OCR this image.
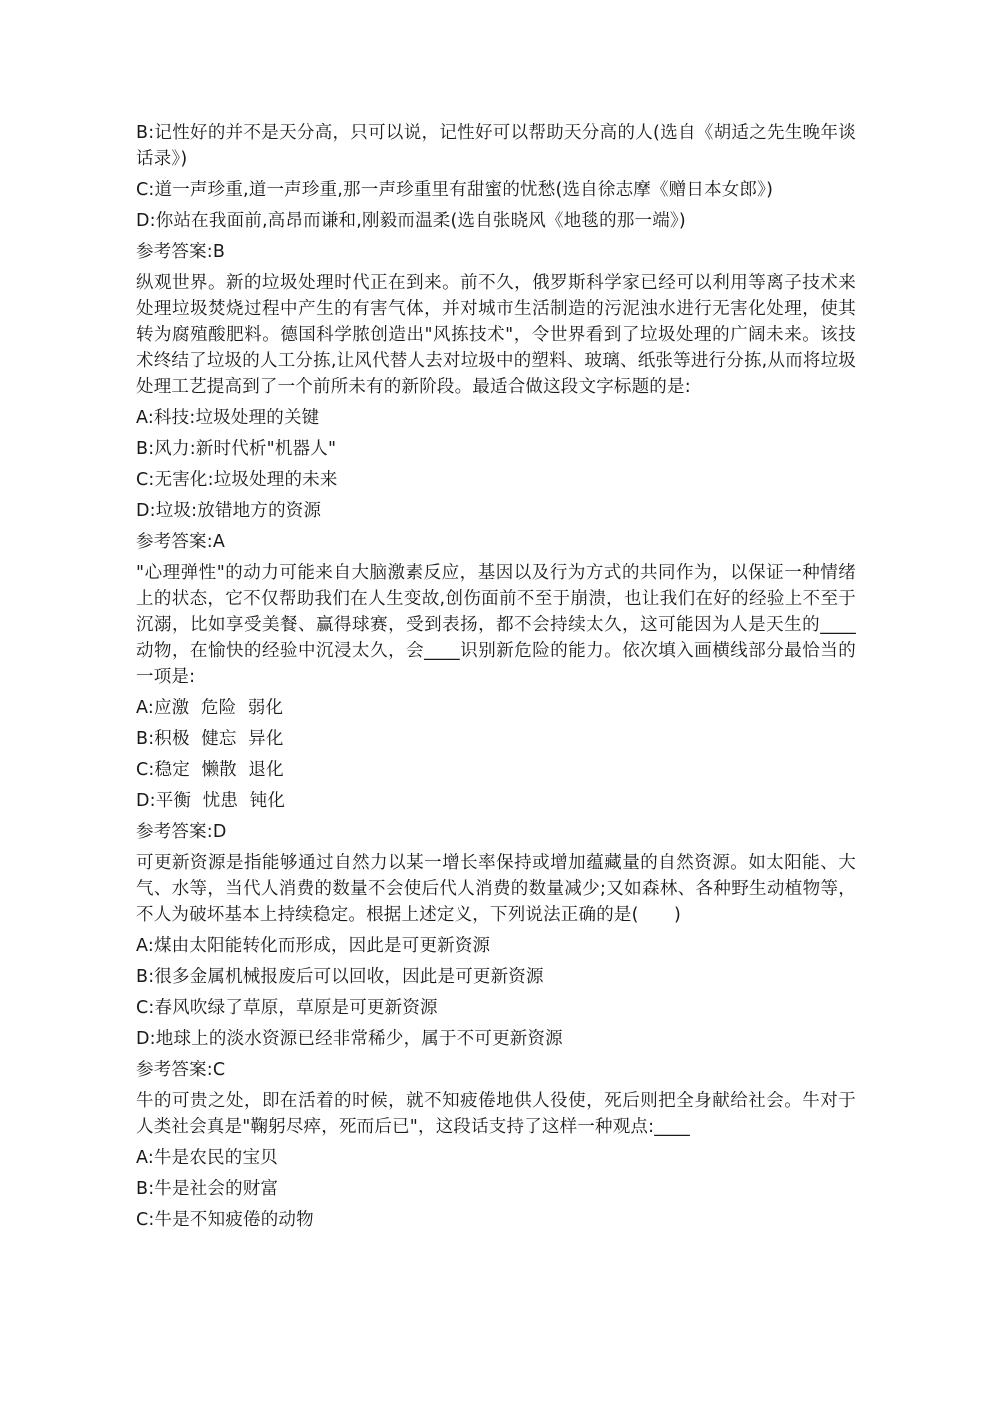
B:记性好的并不是天分高，只可以说，记性好可以帮助天分高的人(选自《胡适之先生晚年谈话录》)

C:道一声珍重,道一声珍重,那一声珍重里有甜蜜的忧愁(选自徐志摩《赠日本女郎》)

D:你站在我面前,高昂而谦和,刚毅而温柔(选自张晓风《地毯的那一端》)

参考答案:B

纵观世界。新的垃圾处理时代正在到来。前不久，俄罗斯科学家已经可以利用等离子技术来处理垃圾焚烧过程中产生的有害气体，并对城市生活制造的污泥浊水进行无害化处理，使其转为腐殖酸肥料。德国科学脓创造出"风拣技术"，令世界看到了垃圾处理的广阔未来。该技术终结了垃圾的人工分拣,让风代替人去对垃圾中的塑料、玻璃、纸张等进行分拣,从而将垃圾处理工艺提高到了一个前所未有的新阶段。最适合做这段文字标题的是:

A:科技:垃圾处理的关键

B:风力:新时代析"机器人"

C:无害化:垃圾处理的未来

D:垃圾:放错地方的资源

参考答案:A

"心理弹性"的动力可能来自大脑激素反应，基因以及行为方式的共同作为，以保证一种情绪上的状态，它不仅帮助我们在人生变故,创伤面前不至于崩溃，也让我们在好的经验上不至于沉溺，比如享受美餐、赢得球赛，受到表扬，都不会持续太久，这可能因为人是天生的____动物，在愉快的经验中沉浸太久，会____识别新危险的能力。依次填入画横线部分最恰当的一项是:

A:应激  危险  弱化

B:积极  健忘  异化

C:稳定  懒散  退化

D:平衡  忧患  钝化

参考答案:D

可更新资源是指能够通过自然力以某一增长率保持或增加蕴藏量的自然资源。如太阳能、大气、水等，当代人消费的数量不会使后代人消费的数量减少;又如森林、各种野生动植物等，不人为破坏基本上持续稳定。根据上述定义，下列说法正确的是(　　)

A:煤由太阳能转化而形成，因此是可更新资源

B:很多金属机械报废后可以回收，因此是可更新资源

C:春风吹绿了草原，草原是可更新资源

D:地球上的淡水资源已经非常稀少，属于不可更新资源

参考答案:C

牛的可贵之处，即在活着的时候，就不知疲倦地供人役使，死后则把全身献给社会。牛对于人类社会真是"鞠躬尽瘁，死而后已"，这段话支持了这样一种观点:____

A:牛是农民的宝贝

B:牛是社会的财富

C:牛是不知疲倦的动物
